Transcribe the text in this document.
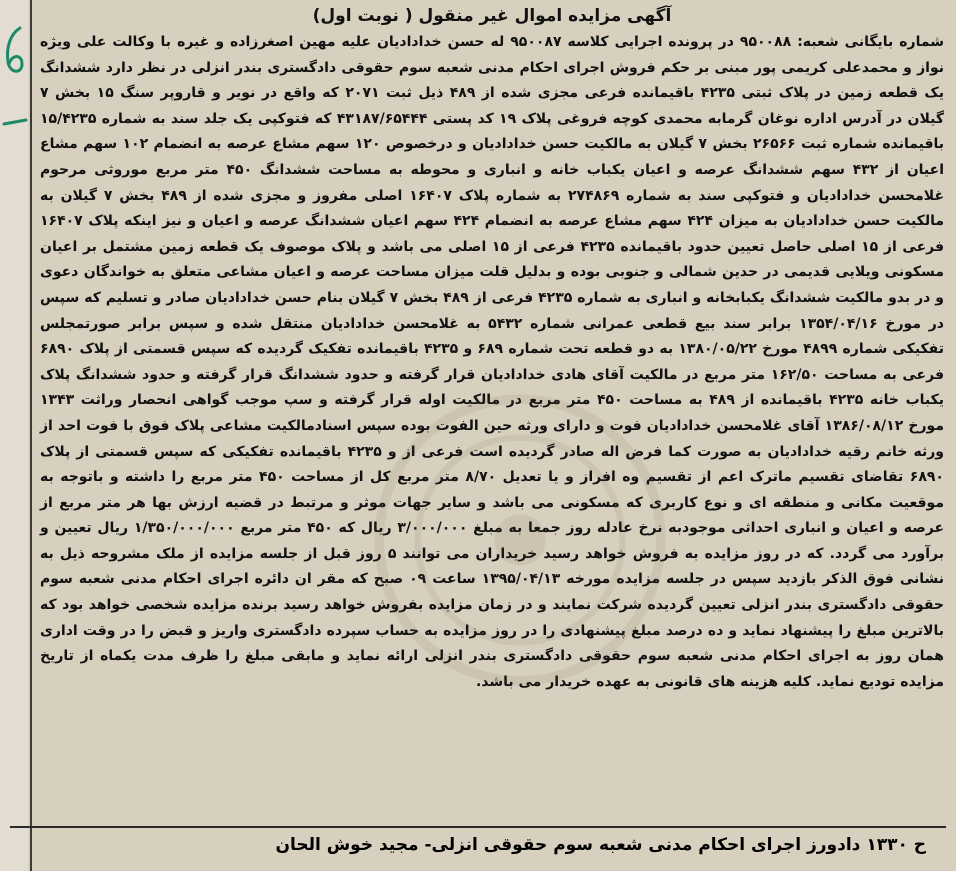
آگهی مزایده اموال غیر منقول ( نوبت اول)

شماره بایگانی شعبه: ۹۵۰۰۸۸ در پرونده اجرایی کلاسه ۹۵۰۰۸۷ له حسن خدادادیان علیه مهین اصغرزاده و غیره با وکالت علی ویژه نواز و محمدعلی کریمی پور مبنی بر حکم فروش اجرای احکام مدنی شعبه سوم حقوقی دادگستری بندر انزلی در نظر دارد ششدانگ یک قطعه زمین در پلاک ثبتی ۴۲۳۵ باقیمانده فرعی مجزی شده از ۴۸۹ ذیل ثبت ۲۰۷۱ که واقع در نویر و قاروپر سنگ ۱۵ بخش ۷ گیلان در آدرس اداره نوغان گرمابه محمدی کوچه فروغی پلاک ۱۹ کد پستی ۴۳۱۸۷/۶۵۴۴۴ که فتوکپی یک جلد سند به شماره ۱۵/۴۲۳۵ باقیمانده شماره ثبت ۲۶۵۶۶ بخش ۷ گیلان به مالکیت حسن خدادادیان و درخصوص ۱۲۰ سهم مشاع عرصه به انضمام ۱۰۲ سهم مشاع اعیان از ۴۳۲ سهم ششدانگ عرصه و اعیان یکباب خانه و انباری و محوطه به مساحت ششدانگ ۴۵۰ متر مربع موروثی مرحوم غلامحسن خدادادیان و فتوکپی سند به شماره ۲۷۴۸۶۹ به شماره پلاک ۱۶۴۰۷ اصلی مفروز و مجزی شده از ۴۸۹ بخش ۷ گیلان به مالکیت حسن خدادادیان به میزان ۴۲۴ سهم مشاع عرصه به انضمام ۴۲۴ سهم اعیان ششدانگ عرصه و اعیان و نیز اینکه پلاک ۱۶۴۰۷ فرعی از ۱۵ اصلی حاصل تعیین حدود باقیمانده ۴۲۳۵ فرعی از ۱۵ اصلی می باشد و پلاک موصوف یک قطعه زمین مشتمل بر اعیان مسکونی ویلایی قدیمی در حدین شمالی و جنوبی بوده و بدلیل قلت میزان مساحت عرصه و اعیان مشاعی متعلق به خواندگان دعوی و در بدو مالکیت ششدانگ یکبابخانه و انباری به شماره ۴۲۳۵ فرعی از ۴۸۹ بخش ۷ گیلان بنام حسن خدادادیان صادر و تسلیم که سپس در مورخ ۱۳۵۴/۰۴/۱۶ برابر سند بیع قطعی عمرانی شماره ۵۴۳۲ به غلامحسن خدادادیان منتقل شده و سپس برابر صورتمجلس تفکیکی شماره ۴۸۹۹ مورخ ۱۳۸۰/۰۵/۲۲ به دو قطعه تحت شماره ۶۸۹ و ۴۲۳۵ باقیمانده تفکیک گردیده که سپس قسمتی از پلاک ۶۸۹۰ فرعی به مساحت ۱۶۲/۵۰ متر مربع در مالکیت آقای هادی خدادادیان قرار گرفته و حدود ششدانگ قرار گرفته و حدود ششدانگ پلاک یکباب خانه ۴۲۳۵ باقیمانده از ۴۸۹ به مساحت ۴۵۰ متر مربع در مالکیت اوله قرار گرفته و سپ موجب گواهی انحصار وراثت ۱۳۴۳ مورخ ۱۳۸۶/۰۸/۱۲ آقای غلامحسن خدادادیان فوت و دارای ورثه حین الفوت بوده سپس اسنادمالکیت مشاعی پلاک فوق با فوت احد از ورثه خانم رقیه خدادادیان به صورت کما فرض اله صادر گردیده است فرعی از و ۴۲۳۵ باقیمانده تفکیکی که سپس قسمتی از پلاک ۶۸۹۰ تقاضای تقسیم ماترک اعم از تقسیم وه افراز و یا تعدیل ۸/۷۰ متر مربع کل از مساحت ۴۵۰ متر مربع را داشته و باتوجه به موقعیت مکانی و منطقه ای و نوع کاربری که مسکونی می باشد و سایر جهات موثر و مرتبط در قضیه ارزش بها هر متر مربع از عرصه و اعیان و انباری احداثی موجودبه نرخ عادله روز جمعا به مبلغ ۳/۰۰۰/۰۰۰ ریال که ۴۵۰ متر مربع ۱/۳۵۰/۰۰۰/۰۰۰ ریال تعیین و برآورد می گردد. که در روز مزایده به فروش خواهد رسید خریداران می توانند ۵ روز قبل از جلسه مزایده از ملک مشروحه ذیل به نشانی فوق الذکر بازدید سپس در جلسه مزایده مورخه ۱۳۹۵/۰۴/۱۳ ساعت ۰۹ صبح که مقر ان دائره اجرای احکام مدنی شعبه سوم حقوقی دادگستری بندر انزلی تعیین گردیده شرکت نمایند و در زمان مزایده بفروش خواهد رسید برنده مزایده شخصی خواهد بود که بالاترین مبلغ را پیشنهاد نماید و ده درصد مبلغ پیشنهادی را در روز مزایده به حساب سپرده دادگستری واریز و قبض را در وقت اداری همان روز به اجرای احکام مدنی شعبه سوم حقوقی دادگستری بندر انزلی ارائه نماید و مابقی مبلغ را ظرف مدت یکماه از تاریخ مزایده تودیع نماید. کلیه هزینه های قانونی به عهده خریدار می باشد.

ح ۱۳۳۰ دادورز اجرای احکام مدنی شعبه سوم حقوقی انزلی- مجید خوش الحان
